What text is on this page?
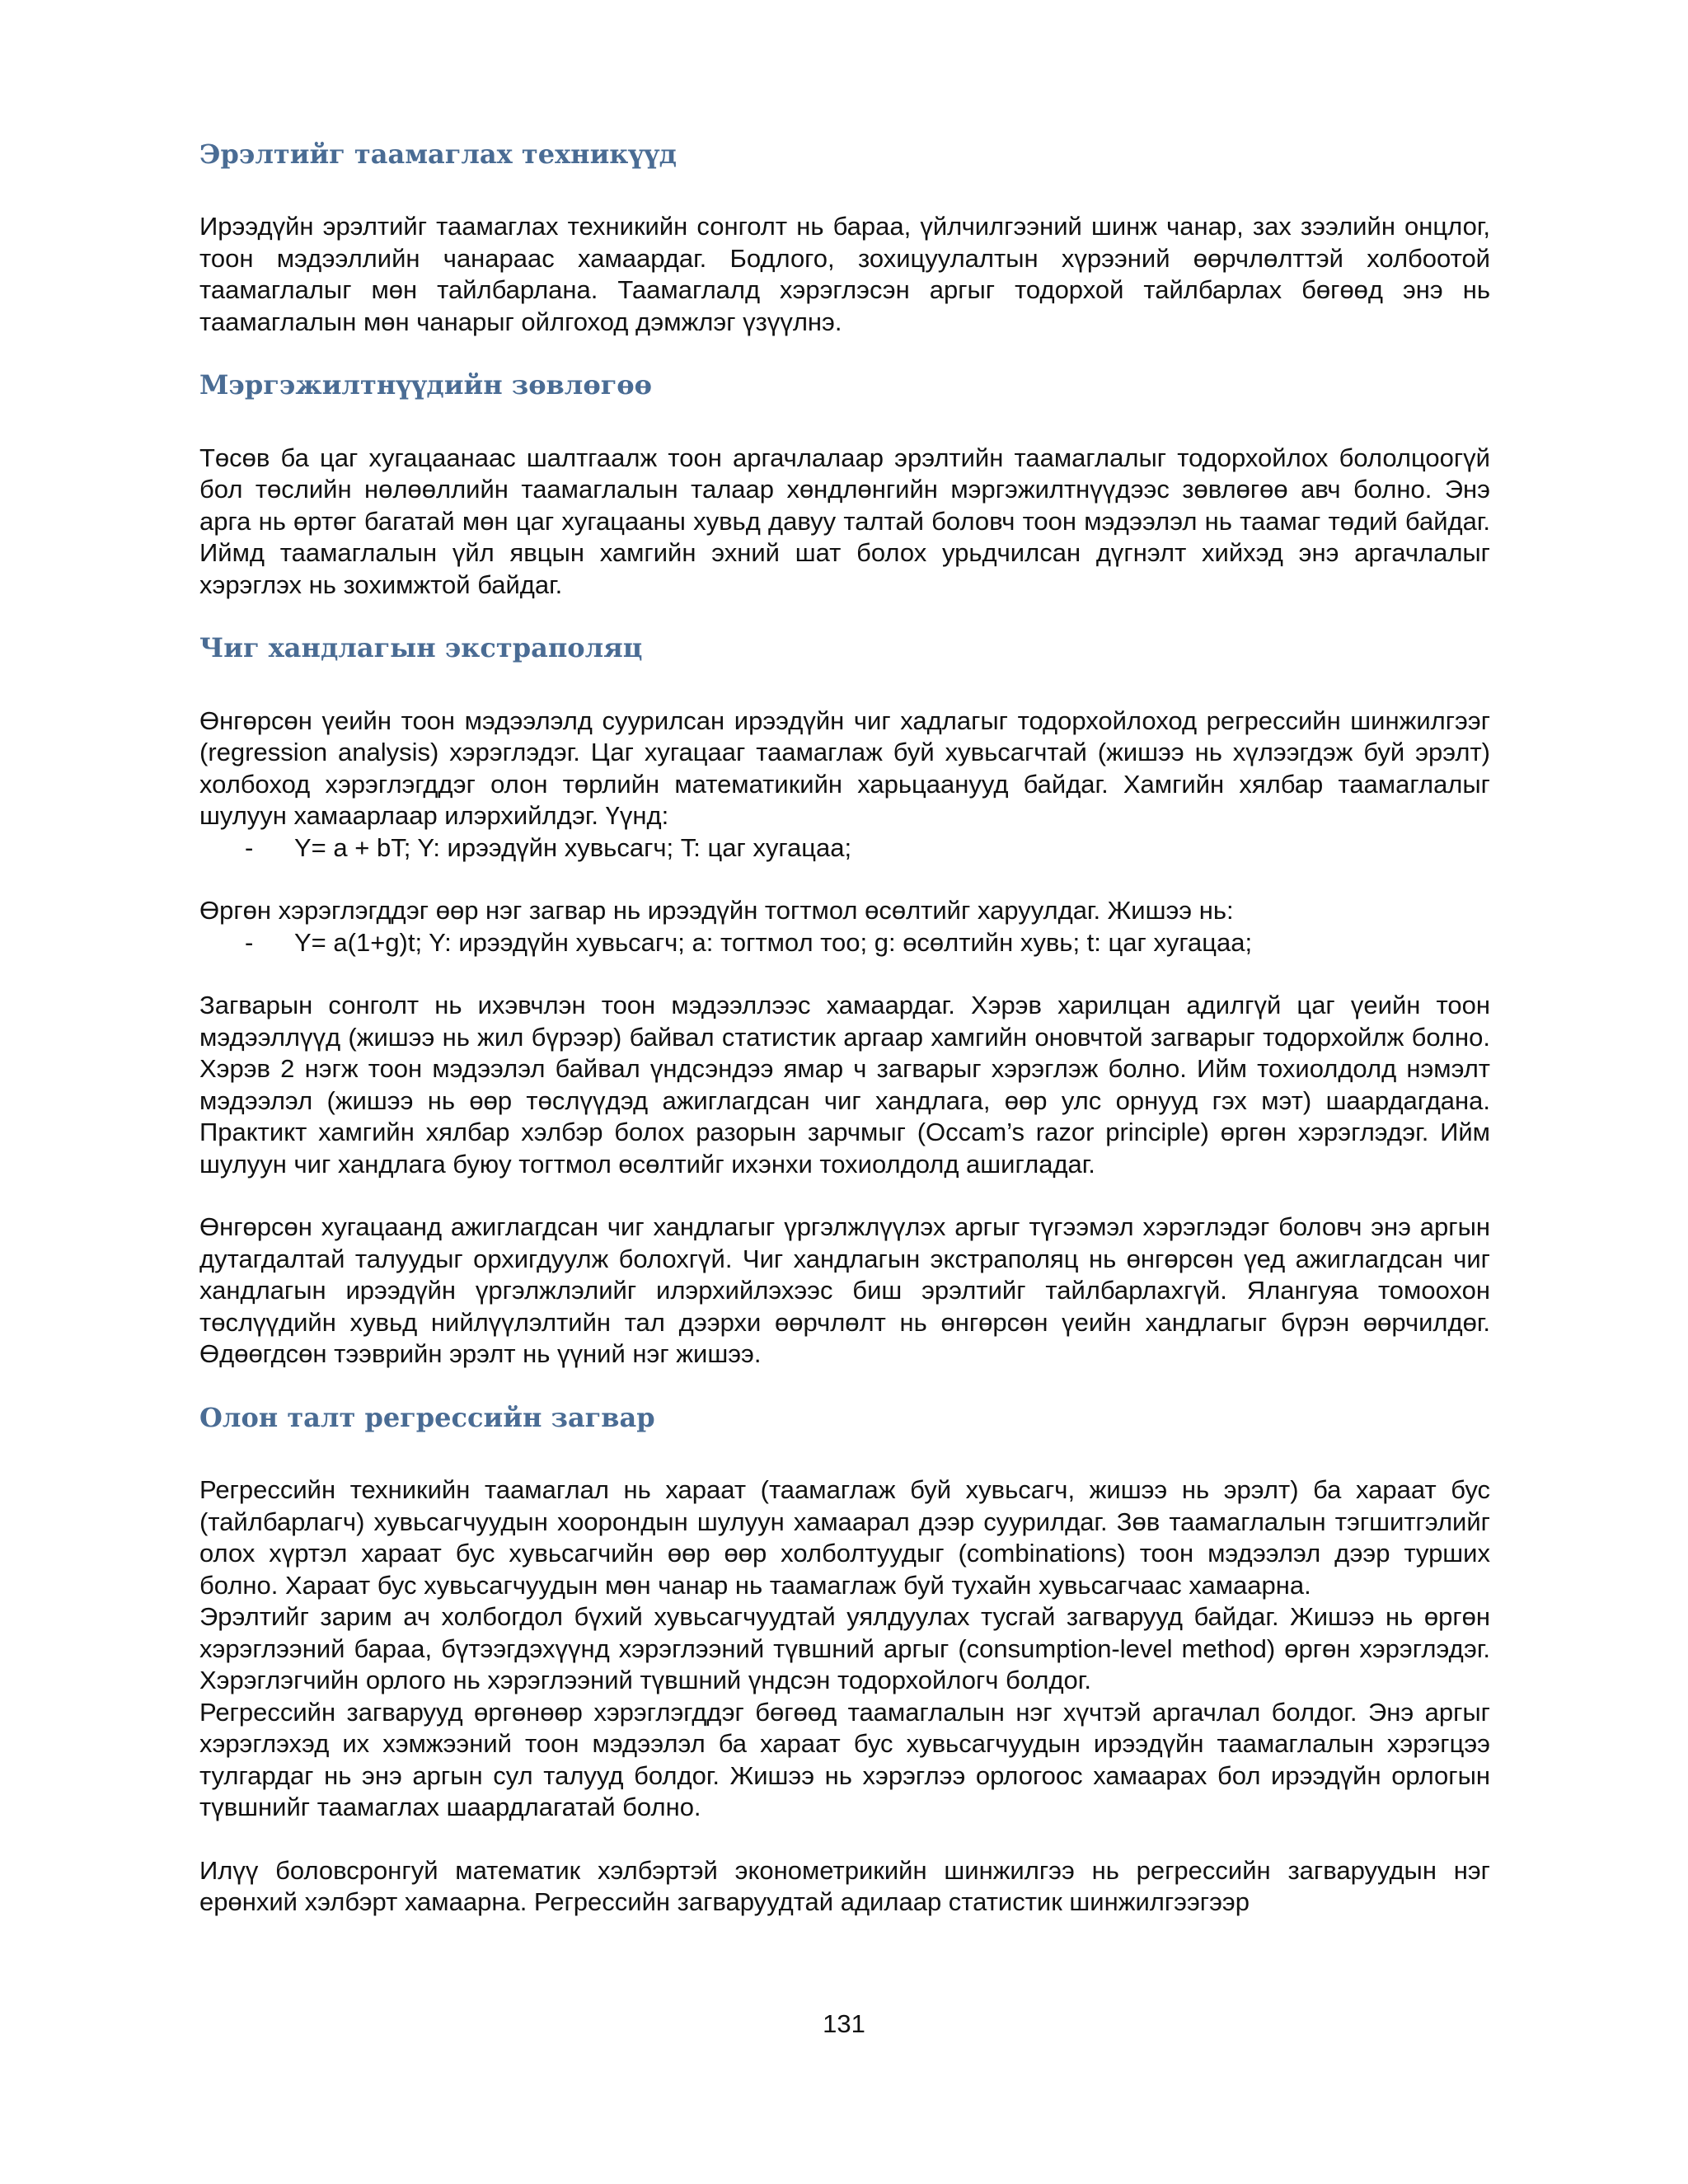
Эрэлтийг таамаглах техникүүд

Ирээдүйн эрэлтийг таамаглах техникийн сонголт нь бараа, үйлчилгээний шинж чанар, зах зээлийн онцлог, тоон мэдээллийн чанараас хамаардаг. Бодлого, зохицуулалтын хүрээний өөрчлөлттэй холбоотой таамаглалыг мөн тайлбарлана. Таамаглалд хэрэглэсэн аргыг тодорхой тайлбарлах бөгөөд энэ нь таамаглалын мөн чанарыг ойлгоход дэмжлэг үзүүлнэ.

Мэргэжилтнүүдийн зөвлөгөө

Төсөв ба цаг хугацаанаас шалтгаалж тоон аргачлалаар эрэлтийн таамаглалыг тодорхойлох бололцоогүй бол төслийн нөлөөллийн таамаглалын талаар хөндлөнгийн мэргэжилтнүүдээс зөвлөгөө авч болно. Энэ арга нь өртөг багатай мөн цаг хугацааны хувьд давуу талтай боловч тоон мэдээлэл нь таамаг төдий байдаг. Иймд таамаглалын үйл явцын хамгийн эхний шат болох урьдчилсан дүгнэлт хийхэд энэ аргачлалыг хэрэглэх нь зохимжтой байдаг.

Чиг хандлагын экстраполяц

Өнгөрсөн үеийн тоон мэдээлэлд суурилсан ирээдүйн чиг хадлагыг тодорхойлоход регрессийн шинжилгээг (regression analysis) хэрэглэдэг. Цаг хугацааг таамаглаж буй хувьсагчтай (жишээ нь хүлээгдэж буй эрэлт) холбоход хэрэглэгддэг олон төрлийн математикийн харьцаанууд байдаг. Хамгийн хялбар таамаглалыг шулуун хамаарлаар илэрхийлдэг. Үүнд:

-	Y= a + bT; Y: ирээдүйн хувьсагч; T: цаг хугацаа;

Өргөн хэрэглэгддэг өөр нэг загвар нь ирээдүйн тогтмол өсөлтийг харуулдаг. Жишээ нь:

-	Y= a(1+g)t; Y: ирээдүйн хувьсагч; a: тогтмол тоо; g: өсөлтийн хувь; t: цаг хугацаа;

Загварын сонголт нь ихэвчлэн тоон мэдээллээс хамаардаг. Хэрэв харилцан адилгүй цаг үеийн тоон мэдээллүүд (жишээ нь жил бүрээр) байвал статистик аргаар хамгийн оновчтой загварыг тодорхойлж болно. Хэрэв 2 нэгж тоон мэдээлэл байвал үндсэндээ ямар ч загварыг хэрэглэж болно. Ийм тохиолдолд нэмэлт мэдээлэл (жишээ нь өөр төслүүдэд ажиглагдсан чиг хандлага, өөр улс орнууд гэх мэт) шаардагдана. Практикт хамгийн хялбар хэлбэр болох разорын зарчмыг (Occam’s razor principle) өргөн хэрэглэдэг. Ийм шулуун чиг хандлага буюу тогтмол өсөлтийг ихэнхи тохиолдолд ашигладаг.

Өнгөрсөн хугацаанд ажиглагдсан чиг хандлагыг үргэлжлүүлэх аргыг түгээмэл хэрэглэдэг боловч энэ аргын дутагдалтай талуудыг орхигдуулж болохгүй. Чиг хандлагын экстраполяц нь өнгөрсөн үед ажиглагдсан чиг хандлагын ирээдүйн үргэлжлэлийг илэрхийлэхээс биш эрэлтийг тайлбарлахгүй. Ялангуяа томоохон төслүүдийн хувьд нийлүүлэлтийн тал дээрхи өөрчлөлт нь өнгөрсөн үеийн хандлагыг бүрэн өөрчилдөг. Өдөөгдсөн тээврийн эрэлт нь үүний нэг жишээ.

Олон талт регрессийн загвар

Регрессийн техникийн таамаглал нь хараат (таамаглаж буй хувьсагч, жишээ нь эрэлт) ба хараат бус (тайлбарлагч) хувьсагчуудын хоорондын шулуун хамаарал дээр суурилдаг. Зөв таамаглалын тэгшитгэлийг олох хүртэл хараат бус хувьсагчийн өөр өөр холболтуудыг (combinations) тоон мэдээлэл дээр турших болно. Хараат бус хувьсагчуудын мөн чанар нь таамаглаж буй тухайн хувьсагчаас хамаарна.

Эрэлтийг зарим ач холбогдол бүхий хувьсагчуудтай уялдуулах тусгай загварууд байдаг. Жишээ нь өргөн хэрэглээний бараа, бүтээгдэхүүнд хэрэглээний түвшний аргыг (consumption-level method) өргөн хэрэглэдэг. Хэрэглэгчийн орлого нь хэрэглээний түвшний үндсэн тодорхойлогч болдог.

Регрессийн загварууд өргөнөөр хэрэглэгддэг бөгөөд таамаглалын нэг хүчтэй аргачлал болдог. Энэ аргыг хэрэглэхэд их хэмжээний тоон мэдээлэл ба хараат бус хувьсагчуудын ирээдүйн таамаглалын хэрэгцээ тулгардаг нь энэ аргын сул талууд болдог. Жишээ нь хэрэглээ орлогоос хамаарах бол ирээдүйн орлогын түвшнийг таамаглах шаардлагатай болно.

Илүү боловсронгуй математик хэлбэртэй эконометрикийн шинжилгээ нь регрессийн загваруудын нэг ерөнхий хэлбэрт хамаарна. Регрессийн загваруудтай адилаар статистик шинжилгээгээр

131
